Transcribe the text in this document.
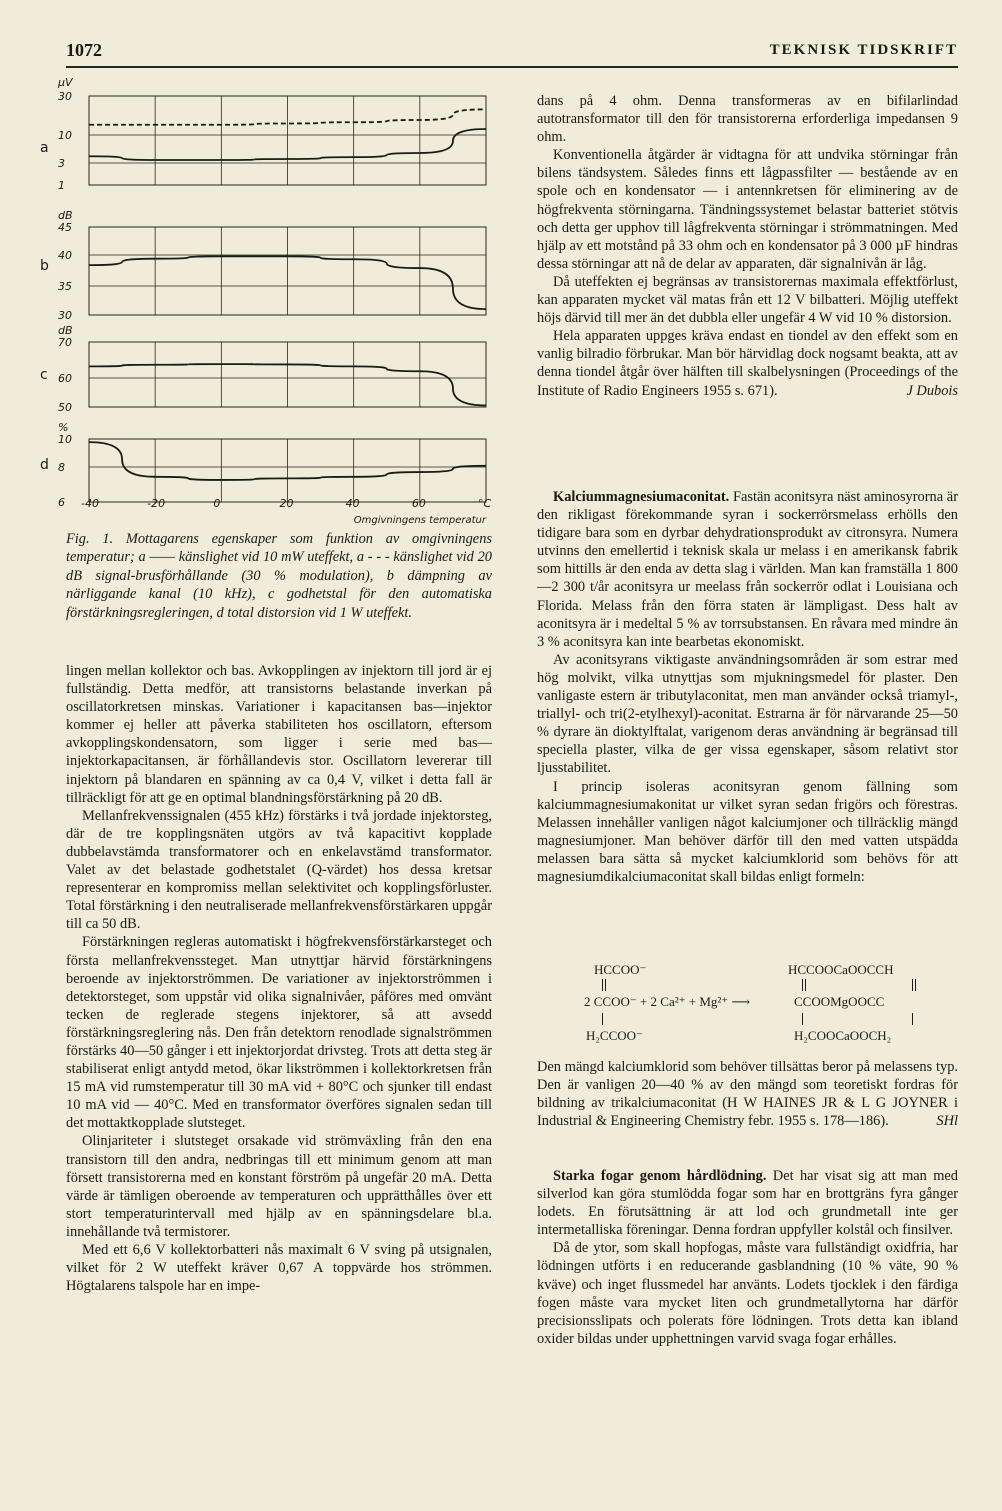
1072	TEKNISK TIDSKRIFT
30
10
3
1
µV
a
45
40
35
30
dB
b
70
60
50
dB
c
10
8
6
%
d
-40	-20	0	20	40	60	°C
Omgivningens temperatur

Fig. 1. Mottagarens egenskaper som funktion av omgivningens temperatur; a —— känslighet vid 10 mW uteffekt, a - - - känslighet vid 20 dB signal-brusförhållande (30 % modulation), b dämpning av närliggande kanal (10 kHz), c godhetstal för den automatiska förstärkningsregleringen, d total distorsion vid 1 W uteffekt.

lingen mellan kollektor och bas. Avkopplingen av injektorn till jord är ej fullständig. Detta medför, att transistorns belastande inverkan på oscillatorkretsen minskas. Variationer i kapacitansen bas—injektor kommer ej heller att påverka stabiliteten hos oscillatorn, eftersom avkopplingskondensatorn, som ligger i serie med bas—injektorkapacitansen, är förhållandevis stor. Oscillatorn levererar till injektorn på blandaren en spänning av ca 0,4 V, vilket i detta fall är tillräckligt för att ge en optimal blandningsförstärkning på 20 dB.

Mellanfrekvenssignalen (455 kHz) förstärks i två jordade injektorsteg, där de tre kopplingsnäten utgörs av två kapacitivt kopplade dubbelavstämda transformatorer och en enkelavstämd transformator. Valet av det belastade godhetstalet (Q-värdet) hos dessa kretsar representerar en kompromiss mellan selektivitet och kopplingsförluster. Total förstärkning i den neutraliserade mellanfrekvensförstärkaren uppgår till ca 50 dB.

Förstärkningen regleras automatiskt i högfrekvensförstärkarsteget och första mellanfrekvenssteget. Man utnyttjar härvid förstärkningens beroende av injektorströmmen. De variationer av injektorströmmen i detektorsteget, som uppstår vid olika signalnivåer, påföres med omvänt tecken de reglerade stegens injektorer, så att avsedd förstärkningsreglering nås. Den från detektorn renodlade signalströmmen förstärks 40—50 gånger i ett injektorjordat drivsteg. Trots att detta steg är stabiliserat enligt antydd metod, ökar likströmmen i kollektorkretsen från 15 mA vid rumstemperatur till 30 mA vid + 80°C och sjunker till endast 10 mA vid — 40°C. Med en transformator överföres signalen sedan till det mottaktkopplade slutsteget.

Olinjariteter i slutsteget orsakade vid strömväxling från den ena transistorn till den andra, nedbringas till ett minimum genom att man försett transistorerna med en konstant förström på ungefär 20 mA. Detta värde är tämligen oberoende av temperaturen och upprätthålles över ett stort temperaturintervall med hjälp av en spänningsdelare bl.a. innehållande två termistorer.

Med ett 6,6 V kollektorbatteri nås maximalt 6 V sving på utsignalen, vilket för 2 W uteffekt kräver 0,67 A toppvärde hos strömmen. Högtalarens talspole har en impe-

dans på 4 ohm. Denna transformeras av en bifilarlindad autotransformator till den för transistorerna erforderliga impedansen 9 ohm.

Konventionella åtgärder är vidtagna för att undvika störningar från bilens tändsystem. Således finns ett lågpassfilter — bestående av en spole och en kondensator — i antennkretsen för eliminering av de högfrekventa störningarna. Tändningssystemet belastar batteriet stötvis och detta ger upphov till lågfrekventa störningar i strömmatningen. Med hjälp av ett motstånd på 33 ohm och en kondensator på 3 000 µF hindras dessa störningar att nå de delar av apparaten, där signalnivån är låg.

Då uteffekten ej begränsas av transistorernas maximala effektförlust, kan apparaten mycket väl matas från ett 12 V bilbatteri. Möjlig uteffekt höjs därvid till mer än det dubbla eller ungefär 4 W vid 10 % distorsion.

Hela apparaten uppges kräva endast en tiondel av den effekt som en vanlig bilradio förbrukar. Man bör härvidlag dock nogsamt beakta, att av denna tiondel åtgår över hälften till skalbelysningen (Proceedings of the Institute of Radio Engineers 1955 s. 671).	J Dubois

Kalciummagnesiumaconitat. Fastän aconitsyra näst aminosyrorna är den rikligast förekommande syran i sockerrörsmelass erhölls den tidigare bara som en dyrbar dehydrationsprodukt av citronsyra. Numera utvinns den emellertid i teknisk skala ur melass i en amerikansk fabrik som hittills är den enda av detta slag i världen. Man kan framställa 1 800—2 300 t/år aconitsyra ur meelass från sockerrör odlat i Louisiana och Florida. Melass från den förra staten är lämpligast. Dess halt av aconitsyra är i medeltal 5 % av torrsubstansen. En råvara med mindre än 3 % aconitsyra kan inte bearbetas ekonomiskt.

Av aconitsyrans viktigaste användningsområden är som estrar med hög molvikt, vilka utnyttjas som mjukningsmedel för plaster. Den vanligaste estern är tributylaconitat, men man använder också triamyl-, triallyl- och tri(2-etylhexyl)-aconitat. Estrarna är för närvarande 25—50 % dyrare än dioktylftalat, varigenom deras användning är begränsad till speciella plaster, vilka de ger vissa egenskaper, såsom relativt stor ljusstabilitet.

I princip isoleras aconitsyran genom fällning som kalciummagnesiumakonitat ur vilket syran sedan frigörs och förestras. Melassen innehåller vanligen något kalciumjoner och tillräcklig mängd magnesiumjoner. Man behöver därför till den med vatten utspädda melassen bara sätta så mycket kalciumklorid som behövs för att magnesiumdikalciumaconitat skall bildas enligt formeln:

HCCOO⁻
2 CCOO⁻ + 2 Ca²⁺ + Mg²⁺ ⟶
H₂CCOO⁻
HCCOOCaOOCCH
CCOOMgOOCC
H₂COOCaOOCH₂

Den mängd kalciumklorid som behöver tillsättas beror på melassens typ. Den är vanligen 20—40 % av den mängd som teoretiskt fordras för bildning av trikalciumaconitat (H W HAINES JR & L G JOYNER i Industrial & Engineering Chemistry febr. 1955 s. 178—186).	SHl

Starka fogar genom hårdlödning. Det har visat sig att man med silverlod kan göra stumlödda fogar som har en brottgräns fyra gånger lodets. En förutsättning är att lod och grundmetall inte ger intermetalliska föreningar. Denna fordran uppfyller kolstål och finsilver.

Då de ytor, som skall hopfogas, måste vara fullständigt oxidfria, har lödningen utförts i en reducerande gasblandning (10 % väte, 90 % kväve) och inget flussmedel har använts. Lodets tjocklek i den färdiga fogen måste vara mycket liten och grundmetallytorna har därför precisionsslipats och polerats före lödningen. Trots detta kan ibland oxider bildas under upphettningen varvid svaga fogar erhålles.
